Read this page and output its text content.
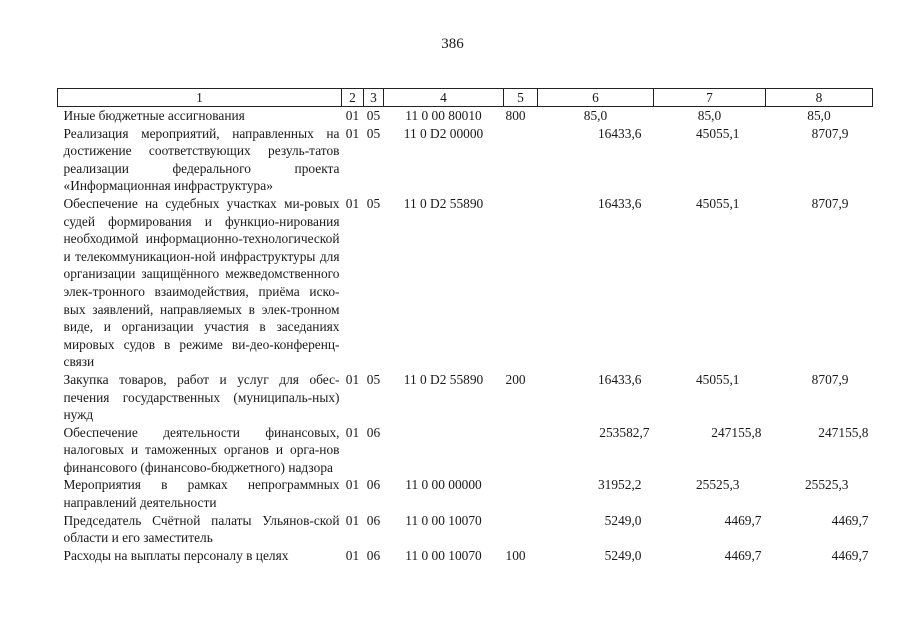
386
1	2	3	4	5	6	7	8
Иные бюджетные ассигнования	01	05	11 0 00 80010	800	85,0	85,0	85,0
Реализация мероприятий, направленных на достижение соответствующих резуль-татов реализации федерального проекта «Информационная инфраструктура»	01	05	11 0 D2 00000		16433,6	45055,1	8707,9
Обеспечение на судебных участках ми-ровых судей формирования и функцио-нирования необходимой информационно-технологической и телекоммуникацион-ной инфраструктуры для организации защищённого межведомственного элек-тронного взаимодействия, приёма иско-вых заявлений, направляемых в элек-тронном виде, и организации участия в заседаниях мировых судов в режиме ви-део-конференц-связи	01	05	11 0 D2 55890		16433,6	45055,1	8707,9
Закупка товаров, работ и услуг для обес-печения государственных (муниципаль-ных) нужд	01	05	11 0 D2 55890	200	16433,6	45055,1	8707,9
Обеспечение деятельности финансовых, налоговых и таможенных органов и орга-нов финансового (финансово-бюджетного) надзора	01	06			253582,7	247155,8	247155,8
Мероприятия в рамках непрограммных направлений деятельности	01	06	11 0 00 00000		31952,2	25525,3	25525,3
Председатель Счётной палаты Ульянов-ской области и его заместитель	01	06	11 0 00 10070		5249,0	4469,7	4469,7
Расходы на выплаты персоналу в целях	01	06	11 0 00 10070	100	5249,0	4469,7	4469,7
